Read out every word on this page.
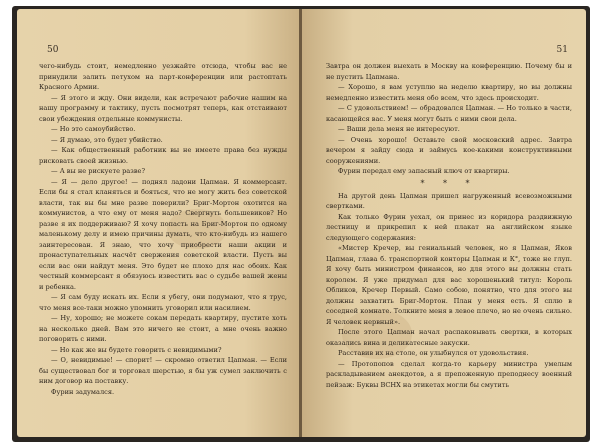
50

чего-нибудь стоит, немедленно уезжайте отсюда, чтобы вас не принудили залить петухом на парт-конференции или растоптать Красного Армии.

— Я этого и жду. Они видели, как встречают рабочие нашим на нашу программу и тактику, пусть посмотрят теперь, как отстаивают свои убеждения отдельные коммунисты.

— Но это самоубийство.

— Я думаю, это будет убийство.

— Как общественный работник вы не имеете права без нужды рисковать своей жизнью.

— А вы не рискуете разве?

— Я — дело другое! — поднял ладони Цапман. Я коммерсант. Если бы я стал кланяться и бояться, что не могу жить без советской власти, так вы бы мне разве поверили? Бриг-Мортон охотится на коммунистов, а что ему от меня надо? Свергнуть большевиков? Но разве я их поддерживаю? Я хочу попасть на Бриг-Мортон по одному маленькому делу и имею причины думать, что кто-нибудь из нашего заинтересован. Я знаю, что хочу приобрести наши акции и пронаступательных насчёт свержения советской власти. Пусть вы если вас они найдут меня. Это будет не плохо для нас обоих. Как честный коммерсант я обязуюсь известить вас о судьбе вашей жены и ребенка.

— Я сам буду искать их. Если я убегу, они подумают, что я трус, что меня все-таки можно упомнить уговорил или насилием.

— Ну, хорошо; не можете сокам передать квартиру, пустите хоть на несколько дней. Вам это ничего не стоит, а мне очень важно поговорить с ними.

— Но как же вы будете говорить с невидимыми?

— О, невидимые! — спорит! — скромно ответил Цапман. — Если бы существовал бог и торговал шерстью, я бы уж сумел заключить с ним договор на поставку.

Фурин задумался.

51

Завтра он должен выехать в Москву на конференцию. Почему бы и не пустить Цапмана.

— Хорошо, я вам уступлю на неделю квартиру, но вы должны немедленно известить меня обо всем, что здесь происходит.

— С удовольствием! — обрадовался Цапман. — Но только в части, касающейся вас. У меня могут быть с ними свои дела.

— Ваши дела меня не интересуют.

— Очень хорошо! Оставьте свой московский адрес. Завтра вечером я зайду сюда и займусь кое-какими конструктивными сооружениями.

Фурин передал ему запасный ключ от квартиры.

* * *

На другой день Цапман пришел нагруженный всевозможными свертками.

Как только Фурин уехал, он принес из коридора раздвижную лестницу и прикрепил к ней плакат на английском языке следующего содержания:

«Мистер Кречер, вы гениальный человек, но я Цапман, Яков Цапман, глава б. транспортной конторы Цапман и К°, тоже не глуп. Я хочу быть министром финансов, но для этого вы должны стать королем. Я уже придумал для вас хорошенький титул: Король Обликов, Кречер Первый. Само собою, понятно, что для этого вы должны захватить Бриг-Мортон. План у меня есть. Я сплю в соседней комнате. Толкните меня в левое плечо, но не очень сильно. Я человек нервный».

После этого Цапман начал распаковывать свертки, в которых оказались вина и деликатесные закуски.

Расставив их на столе, он улыбнулся от удовольствия.

— Протопопов сделал когда-то карьеру министра умелым раскладыванием анекдотов, а я препоженную преподнесу военный пейзаж: Буквы ВСНХ на этикетах могли бы смутить
